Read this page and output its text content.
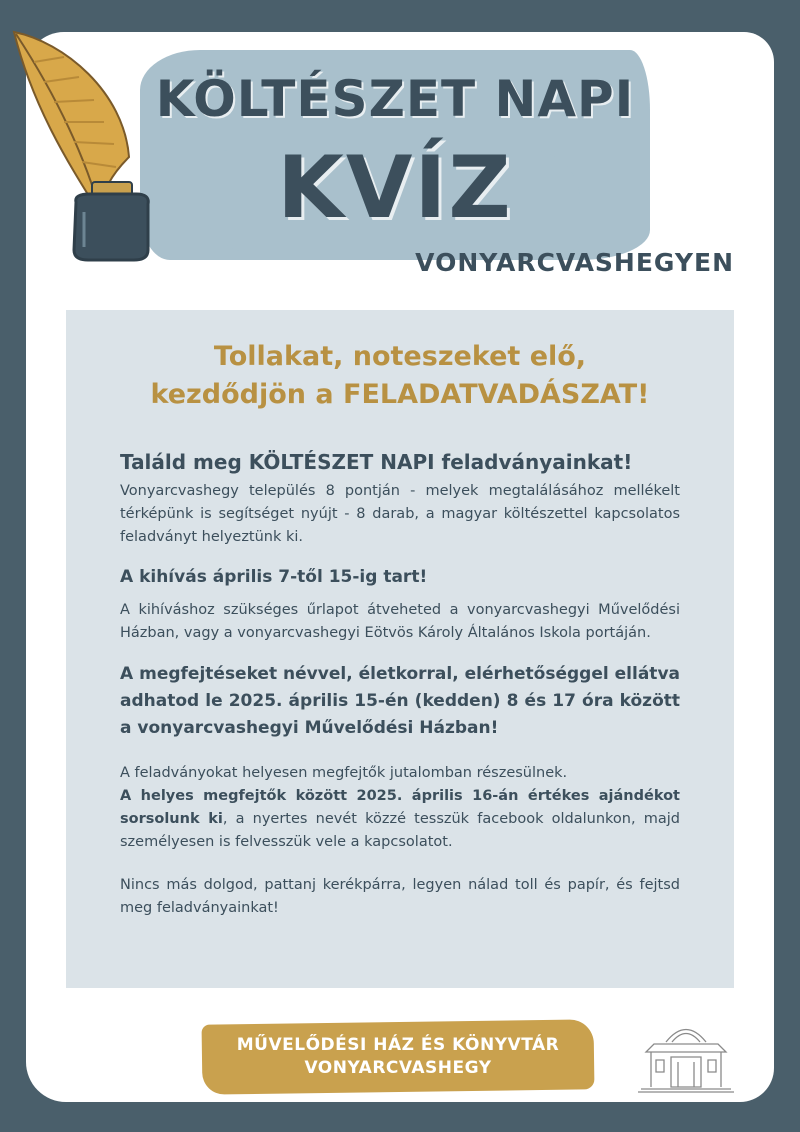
KÖLTÉSZET NAPI
KVÍZ
VONYARCVASHEGYEN
Tollakat, noteszeket elő,
kezdődjön a FELADATVADÁSZAT!
Találd meg KÖLTÉSZET NAPI feladványainkat!

Vonyarcvashegy település 8 pontján - melyek megtalálásához mellékelt térképünk is segítséget nyújt - 8 darab, a magyar költészettel kapcsolatos feladványt helyeztünk ki.

A kihívás április 7-től 15-ig tart!

A kihíváshoz szükséges űrlapot átveheted a vonyarcvashegyi Művelődési Házban, vagy a vonyarcvashegyi Eötvös Károly Általános Iskola portáján.

A megfejtéseket névvel, életkorral, elérhetőséggel ellátva adhatod le 2025. április 15-én (kedden) 8 és 17 óra között a vonyarcvashegyi Művelődési Házban!

A feladványokat helyesen megfejtők jutalomban részesülnek.
A helyes megfejtők között 2025. április 16-án értékes ajándékot sorsolunk ki, a nyertes nevét közzé tesszük facebook oldalunkon, majd személyesen is felvesszük vele a kapcsolatot.

Nincs más dolgod, pattanj kerékpárra, legyen nálad toll és papír, és fejtsd meg feladványainkat!

MŰVELŐDÉSI HÁZ ÉS KÖNYVTÁR
VONYARCVASHEGY
